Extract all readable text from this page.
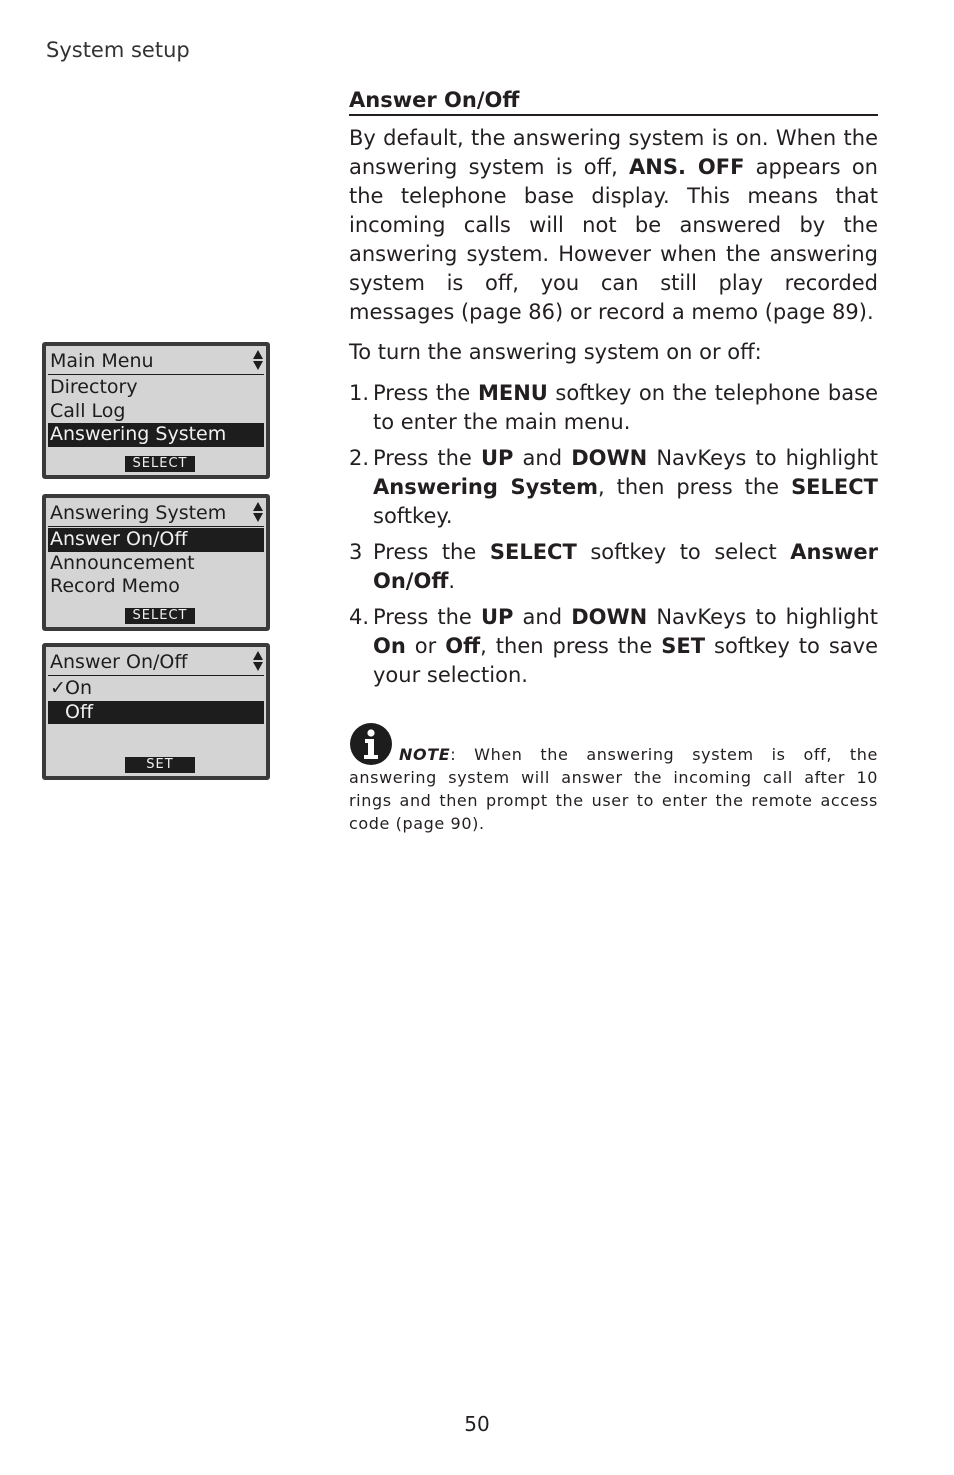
System setup
Answer On/Off
By default, the answering system is on. When the answering system is off, ANS. OFF appears on the telephone base display. This means that incoming calls will not be answered by the answering system. However when the answering system is off, you can still play recorded messages (page 86) or record a memo (page 89).
To turn the answering system on or off:
1. Press the MENU softkey on the telephone base to enter the main menu.
2. Press the UP and DOWN NavKeys to highlight Answering System, then press the SELECT softkey.
3 Press the SELECT softkey to select Answer On/Off.
4. Press the UP and DOWN NavKeys to highlight On or Off, then press the SET softkey to save your selection.
NOTE: When the answering system is off, the answering system will answer the incoming call after 10 rings and then prompt the user to enter the remote access code (page 90).
Main Menu
Directory
Call Log
Answering System
SELECT
Answering System
Answer On/Off
Announcement
Record Memo
SELECT
Answer On/Off
✓On
Off
SET
50
